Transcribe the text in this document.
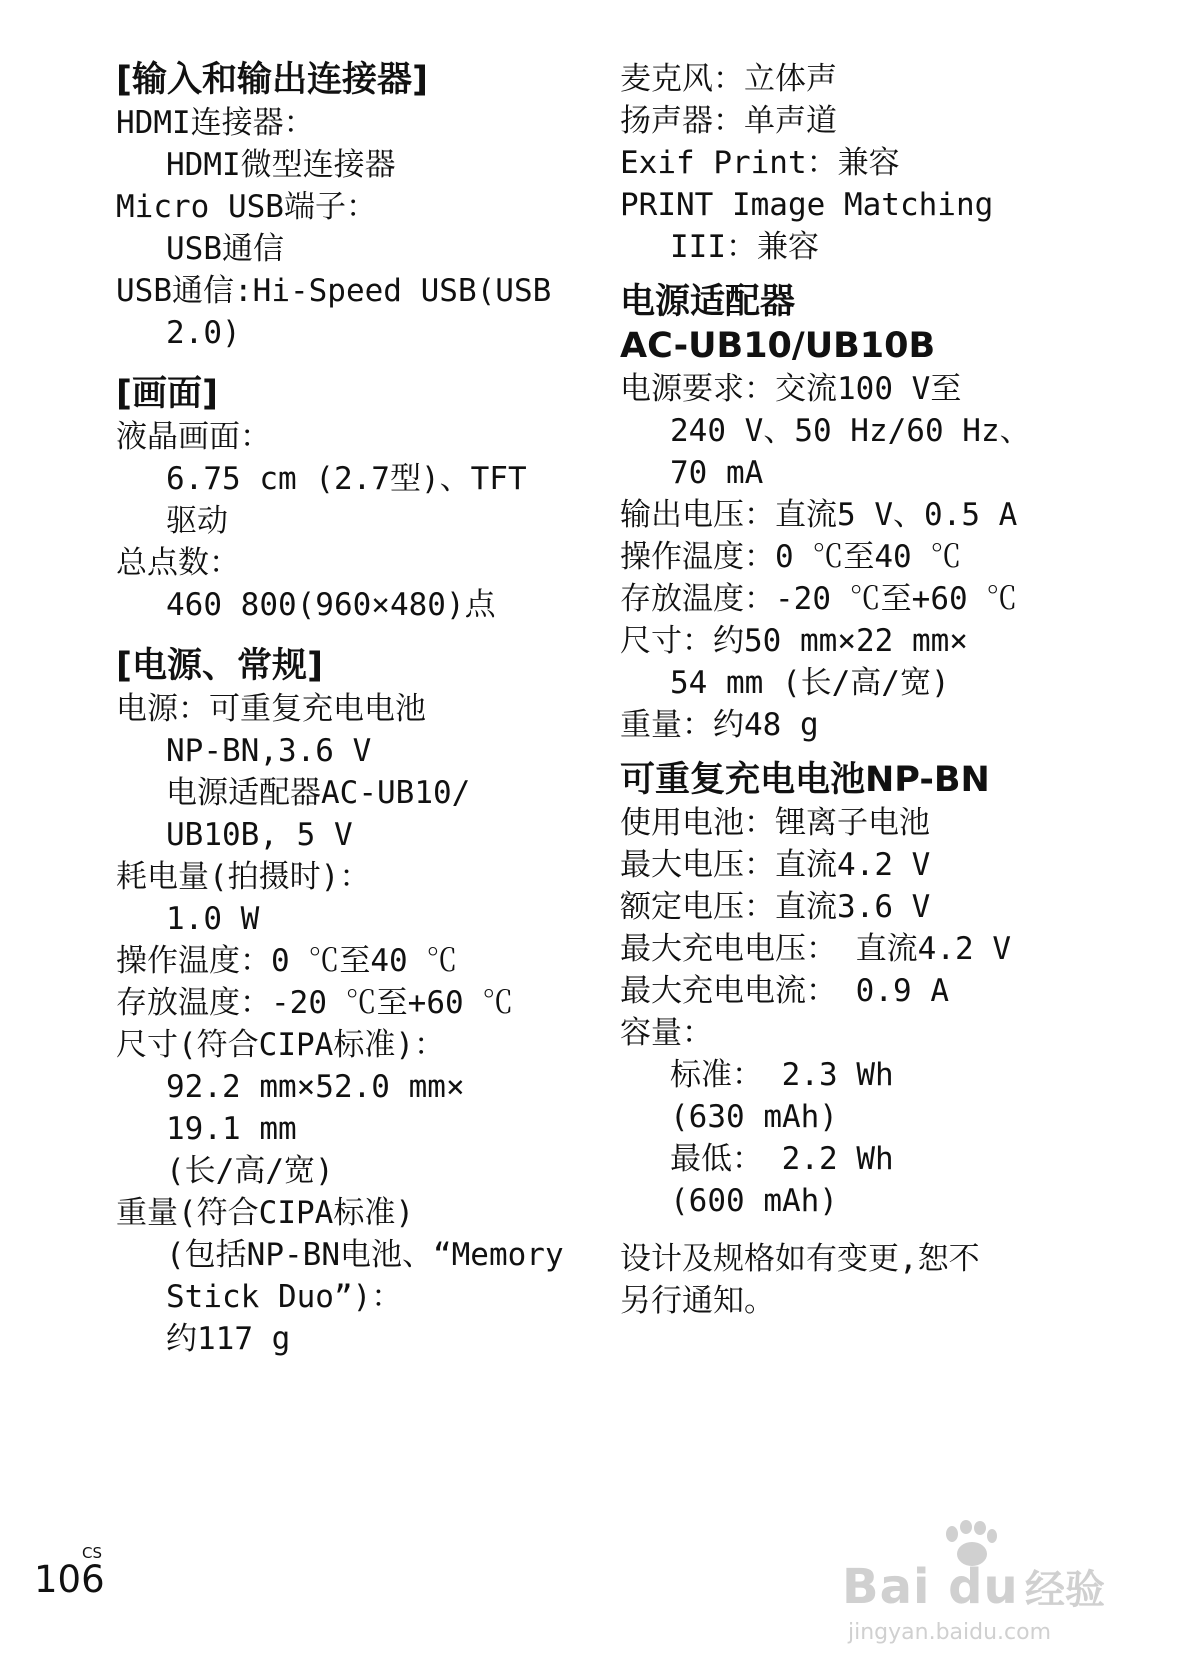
[输入和输出连接器]
HDMI连接器：
HDMI微型连接器
Micro USB端子：
USB通信
USB通信:Hi-Speed USB(USB
2.0)
[画面]
液晶画面：
6.75 cm (2.7型)、TFT
驱动
总点数：
460 800(960×480)点
[电源、常规]
电源：可重复充电电池
NP-BN,3.6 V
电源适配器AC-UB10/
UB10B, 5 V
耗电量(拍摄时)：
1.0 W
操作温度：0 ℃至40 ℃
存放温度：-20 ℃至+60 ℃
尺寸(符合CIPA标准)：
92.2 mm×52.0 mm×
19.1 mm
(长/高/宽)
重量(符合CIPA标准)
(包括NP-BN电池、“Memory
Stick Duo”)：
约117 g
麦克风：立体声
扬声器：单声道
Exif Print：兼容
PRINT Image Matching
III：兼容
电源适配器
AC-UB10/UB10B
电源要求：交流100 V至
240 V、50 Hz/60 Hz、
70 mA
输出电压：直流5 V、0.5 A
操作温度：0 ℃至40 ℃
存放温度：-20 ℃至+60 ℃
尺寸：约50 mm×22 mm×
54 mm (长/高/宽)
重量：约48 g
可重复充电电池NP-BN
使用电池：锂离子电池
最大电压：直流4.2 V
额定电压：直流3.6 V
最大充电电压： 直流4.2 V
最大充电电流： 0.9 A
容量：
标准： 2.3 Wh
(630 mAh)
最低： 2.2 Wh
(600 mAh)
设计及规格如有变更,恕不
另行通知。
CS
106	Bai du 经验
jingyan.baidu.com
